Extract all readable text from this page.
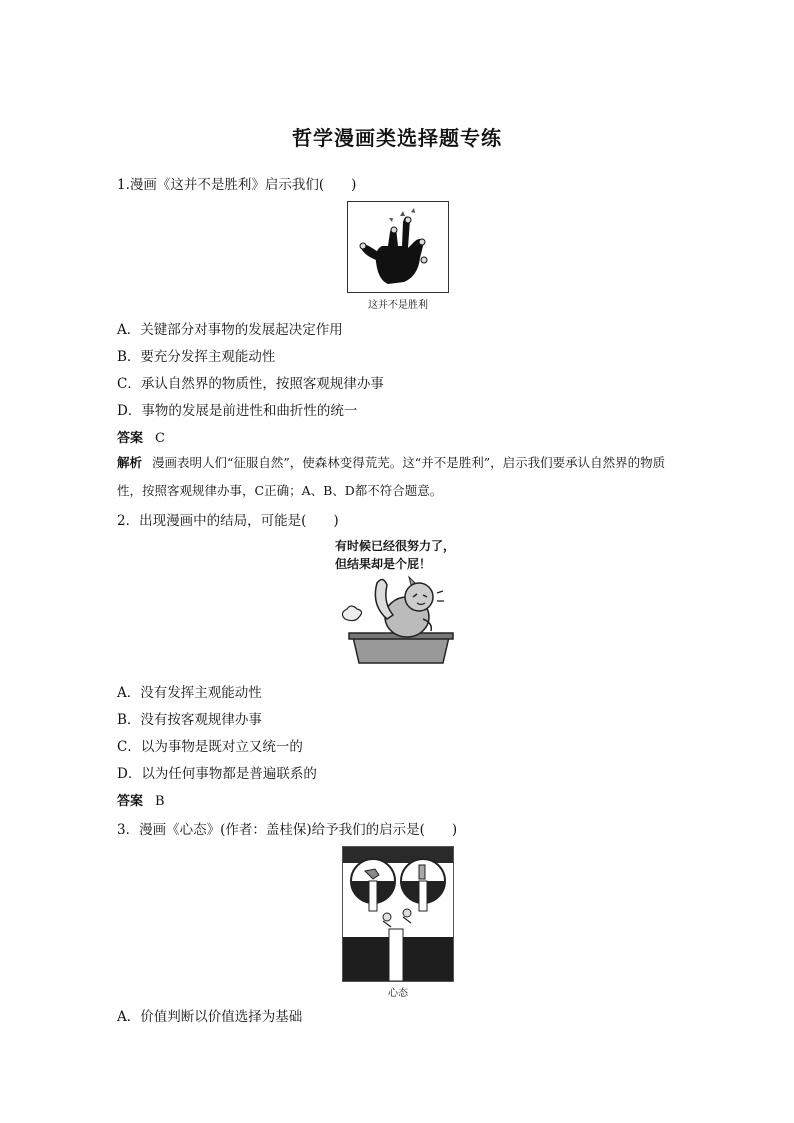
哲学漫画类选择题专练
1.漫画《这并不是胜利》启示我们(　　)
这并不是胜利
A．关键部分对事物的发展起决定作用
B．要充分发挥主观能动性
C．承认自然界的物质性，按照客观规律办事
D．事物的发展是前进性和曲折性的统一
答案 C
解析 漫画表明人们“征服自然”，使森林变得荒芜。这“并不是胜利”，启示我们要承认自然界的物质性，按照客观规律办事，C正确；A、B、D都不符合题意。
2．出现漫画中的结局，可能是(　　)
有时候已经很努力了，
但结果却是个屁！
A．没有发挥主观能动性
B．没有按客观规律办事
C．以为事物是既对立又统一的
D．以为任何事物都是普遍联系的
答案 B
3．漫画《心态》(作者：盖桂保)给予我们的启示是(　　)
心态
A．价值判断以价值选择为基础
